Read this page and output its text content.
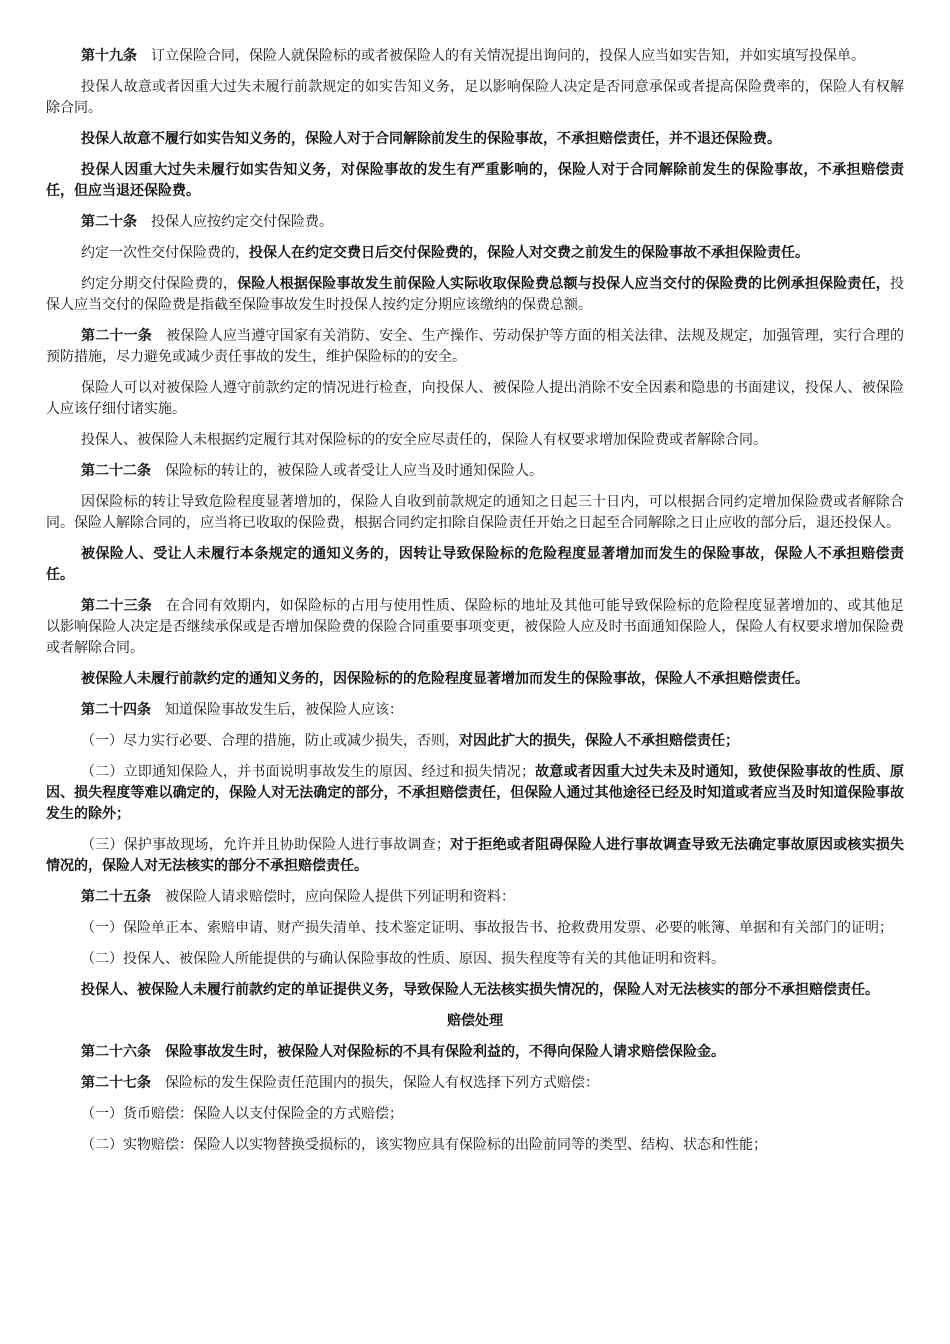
第十九条　 订立保险合同，保险人就保险标的或者被保险人的有关情况提出询问的，投保人应当如实告知，并如实填写投保单。
投保人故意或者因重大过失未履行前款规定的如实告知义务，足以影响保险人决定是否同意承保或者提高保险费率的，保险人有权解除合同。
投保人故意不履行如实告知义务的，保险人对于合同解除前发生的保险事故，不承担赔偿责任，并不退还保险费。
投保人因重大过失未履行如实告知义务，对保险事故的发生有严重影响的，保险人对于合同解除前发生的保险事故，不承担赔偿责任，但应当退还保险费。
第二十条　 投保人应按约定交付保险费。
约定一次性交付保险费的，投保人在约定交费日后交付保险费的，保险人对交费之前发生的保险事故不承担保险责任。
约定分期交付保险费的，保险人根据保险事故发生前保险人实际收取保险费总额与投保人应当交付的保险费的比例承担保险责任，投保人应当交付的保险费是指截至保险事故发生时投保人按约定分期应该缴纳的保费总额。
第二十一条　 被保险人应当遵守国家有关消防、安全、生产操作、劳动保护等方面的相关法律、法规及规定，加强管理，实行合理的预防措施，尽力避免或减少责任事故的发生，维护保险标的的安全。
保险人可以对被保险人遵守前款约定的情况进行检查，向投保人、被保险人提出消除不安全因素和隐患的书面建议，投保人、被保险人应该仔细付诸实施。
投保人、被保险人未根据约定履行其对保险标的的安全应尽责任的，保险人有权要求增加保险费或者解除合同。
第二十二条　 保险标的转让的，被保险人或者受让人应当及时通知保险人。
因保险标的转让导致危险程度显著增加的，保险人自收到前款规定的通知之日起三十日内，可以根据合同约定增加保险费或者解除合同。保险人解除合同的，应当将已收取的保险费，根据合同约定扣除自保险责任开始之日起至合同解除之日止应收的部分后，退还投保人。
被保险人、受让人未履行本条规定的通知义务的，因转让导致保险标的危险程度显著增加而发生的保险事故，保险人不承担赔偿责任。
第二十三条　 在合同有效期内，如保险标的占用与使用性质、保险标的地址及其他可能导致保险标的危险程度显著增加的、或其他足以影响保险人决定是否继续承保或是否增加保险费的保险合同重要事项变更，被保险人应及时书面通知保险人，保险人有权要求增加保险费或者解除合同。
被保险人未履行前款约定的通知义务的，因保险标的的危险程度显著增加而发生的保险事故，保险人不承担赔偿责任。
第二十四条　 知道保险事故发生后，被保险人应该：
（一）尽力实行必要、合理的措施，防止或减少损失，否则，对因此扩大的损失，保险人不承担赔偿责任；
（二）立即通知保险人，并书面说明事故发生的原因、经过和损失情况；故意或者因重大过失未及时通知，致使保险事故的性质、原因、损失程度等难以确定的，保险人对无法确定的部分，不承担赔偿责任，但保险人通过其他途径已经及时知道或者应当及时知道保险事故发生的除外；
（三）保护事故现场，允许并且协助保险人进行事故调查；对于拒绝或者阻碍保险人进行事故调查导致无法确定事故原因或核实损失情况的，保险人对无法核实的部分不承担赔偿责任。
第二十五条　 被保险人请求赔偿时，应向保险人提供下列证明和资料：
（一）保险单正本、索赔申请、财产损失清单、技术鉴定证明、事故报告书、抢救费用发票、必要的帐簿、单据和有关部门的证明；
（二）投保人、被保险人所能提供的与确认保险事故的性质、原因、损失程度等有关的其他证明和资料。
投保人、被保险人未履行前款约定的单证提供义务，导致保险人无法核实损失情况的，保险人对无法核实的部分不承担赔偿责任。
赔偿处理
第二十六条　 保险事故发生时，被保险人对保险标的不具有保险利益的，不得向保险人请求赔偿保险金。
第二十七条　 保险标的发生保险责任范围内的损失，保险人有权选择下列方式赔偿：
（一）货币赔偿：保险人以支付保险金的方式赔偿；
（二）实物赔偿：保险人以实物替换受损标的，该实物应具有保险标的出险前同等的类型、结构、状态和性能；
